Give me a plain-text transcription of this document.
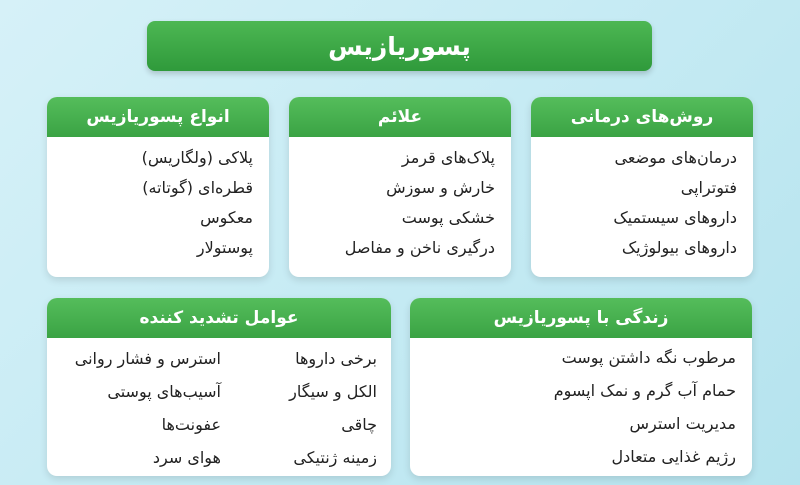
پسوریازیس
روش‌های درمانی
درمان‌های موضعی
فتوتراپی
داروهای سیستمیک
داروهای بیولوژیک
علائم
پلاک‌های قرمز
خارش و سوزش
خشکی پوست
درگیری ناخن و مفاصل
انواع پسوریازیس
پلاکی (ولگاریس)
قطره‌ای (گوتاته)
معکوس
پوستولار
زندگی با پسوریازیس
مرطوب نگه داشتن پوست
حمام آب گرم و نمک اپسوم
مدیریت استرس
رژیم غذایی متعادل
عوامل تشدید کننده
برخی داروها
الکل و سیگار
چاقی
زمینه ژنتیکی
استرس و فشار روانی
آسیب‌های پوستی
عفونت‌ها
هوای سرد
